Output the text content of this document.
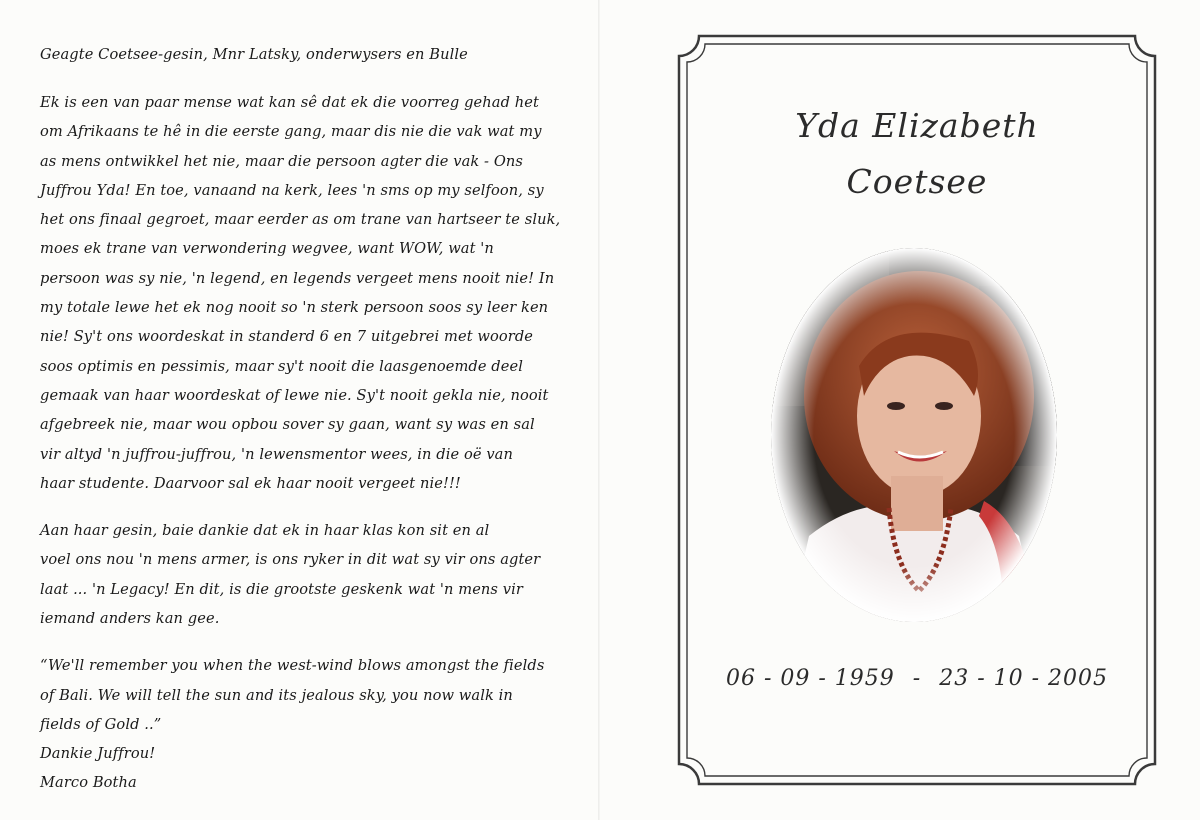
Geagte Coetsee-gesin, Mnr Latsky, onderwysers en Bulle

Ek is een van paar mense wat kan sê dat ek die voorreg gehad het
om Afrikaans te hê in die eerste gang, maar dis nie die vak wat my
as mens ontwikkel het nie, maar die persoon agter die vak - Ons
Juffrou Yda! En toe, vanaand na kerk, lees 'n sms op my selfoon, sy
het ons finaal gegroet, maar eerder as om trane van hartseer te sluk,
moes ek trane van verwondering wegvee, want WOW, wat 'n
persoon was sy nie, 'n legend, en legends vergeet mens nooit nie! In
my totale lewe het ek nog nooit so 'n sterk persoon soos sy leer ken
nie! Sy't ons woordeskat in standerd 6 en 7 uitgebrei met woorde
soos optimis en pessimis, maar sy't nooit die laasgenoemde deel
gemaak van haar woordeskat of lewe nie. Sy't nooit gekla nie, nooit
afgebreek nie, maar wou opbou sover sy gaan, want sy was en sal
vir altyd 'n juffrou-juffrou, 'n lewensmentor wees, in die oë van
haar studente. Daarvoor sal ek haar nooit vergeet nie!!!
Aan haar gesin, baie dankie dat ek in haar klas kon sit en al
voel ons nou 'n mens armer, is ons ryker in dit wat sy vir ons agter
laat ... 'n Legacy! En dit, is die grootste geskenk wat 'n mens vir
iemand anders kan gee.
“We'll remember you when the west-wind blows amongst the fields
of Bali. We will tell the sun and its jealous sky, you now walk in
fields of Gold ..”
Dankie Juffrou!
Marco Botha
Yda Elizabeth
Coetsee
06 - 09 - 1959 - 23 - 10 - 2005
